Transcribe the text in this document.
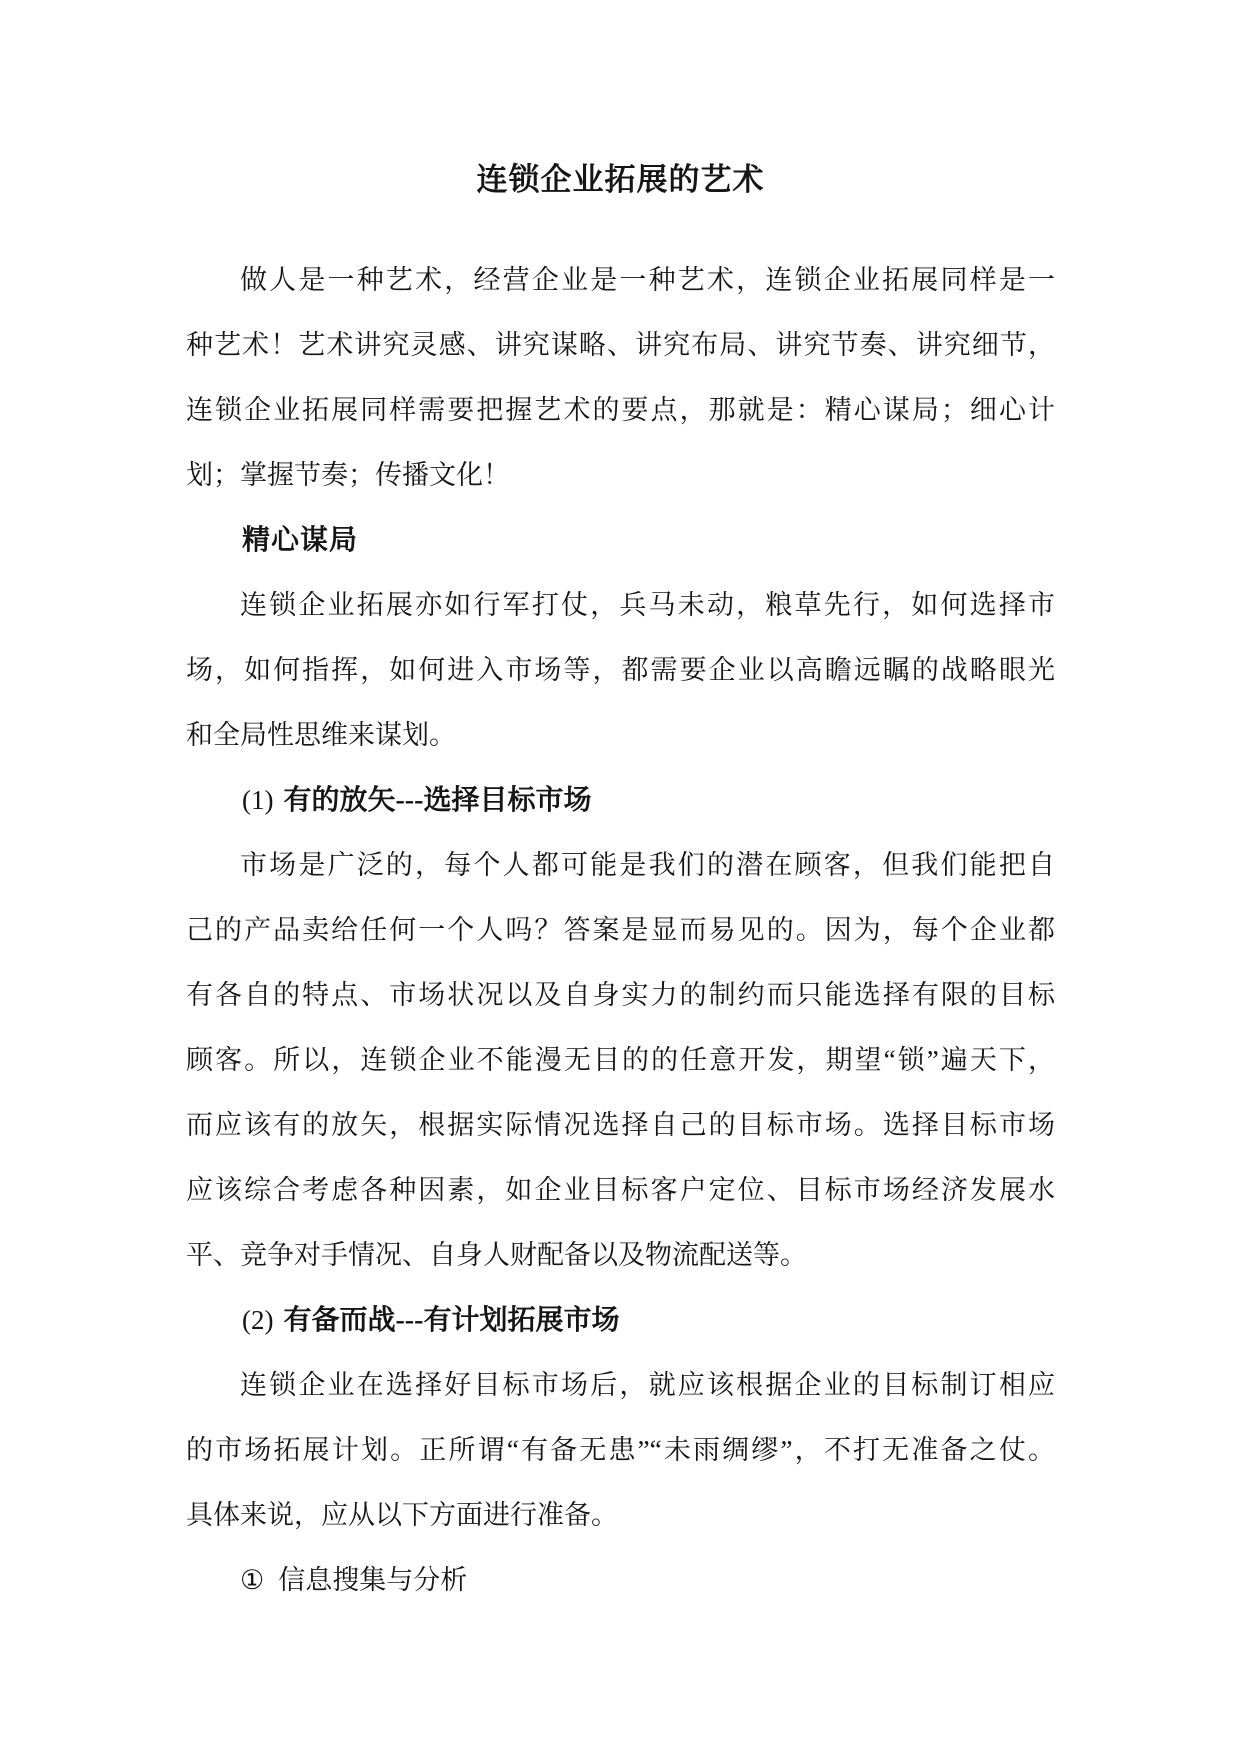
连锁企业拓展的艺术
做人是一种艺术，经营企业是一种艺术，连锁企业拓展同样是一
种艺术！艺术讲究灵感、讲究谋略、讲究布局、讲究节奏、讲究细节，
连锁企业拓展同样需要把握艺术的要点，那就是：精心谋局；细心计
划；掌握节奏；传播文化！
精心谋局
连锁企业拓展亦如行军打仗，兵马未动，粮草先行，如何选择市
场，如何指挥，如何进入市场等，都需要企业以高瞻远瞩的战略眼光
和全局性思维来谋划。
(1) 有的放矢---选择目标市场
市场是广泛的，每个人都可能是我们的潜在顾客，但我们能把自
己的产品卖给任何一个人吗？答案是显而易见的。因为，每个企业都
有各自的特点、市场状况以及自身实力的制约而只能选择有限的目标
顾客。所以，连锁企业不能漫无目的的任意开发，期望“锁”遍天下，
而应该有的放矢，根据实际情况选择自己的目标市场。选择目标市场
应该综合考虑各种因素，如企业目标客户定位、目标市场经济发展水
平、竞争对手情况、自身人财配备以及物流配送等。
(2) 有备而战---有计划拓展市场
连锁企业在选择好目标市场后，就应该根据企业的目标制订相应
的市场拓展计划。正所谓“有备无患”“未雨绸缪”，不打无准备之仗。
具体来说，应从以下方面进行准备。
① 信息搜集与分析
